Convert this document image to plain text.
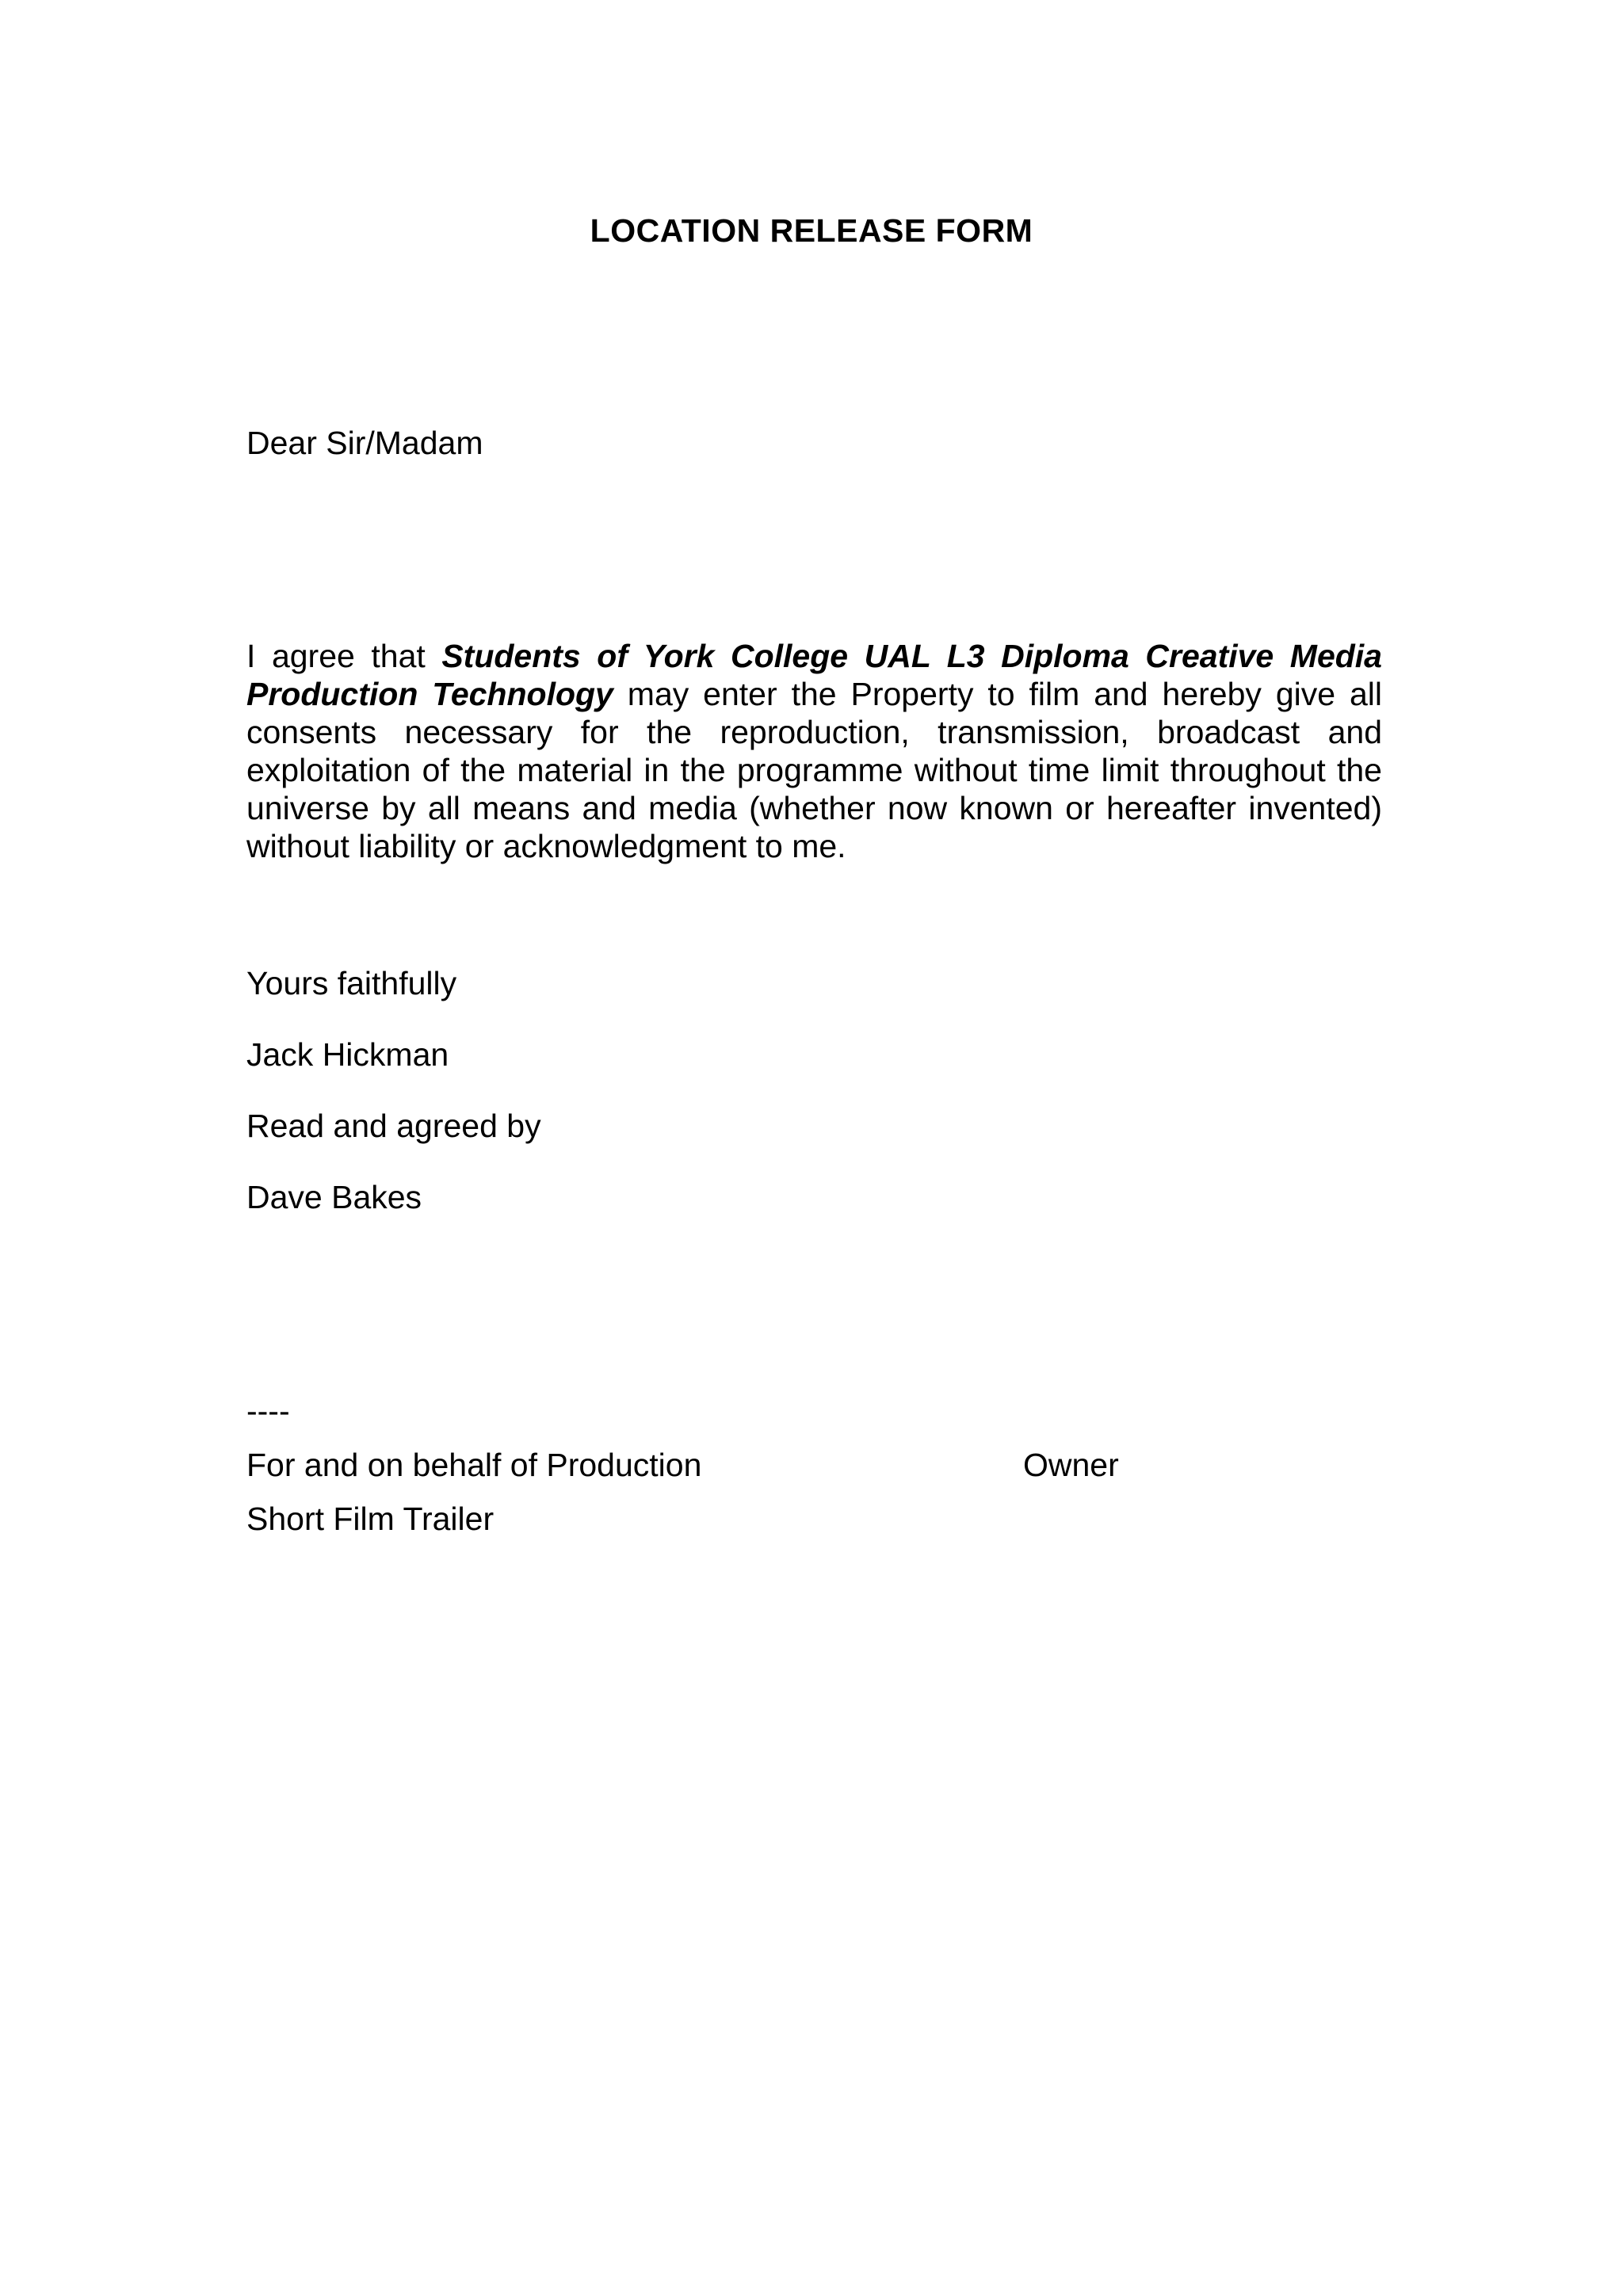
LOCATION RELEASE FORM
Dear Sir/Madam
I agree that Students of York College UAL L3 Diploma Creative Media Production Technology may enter the Property to film and hereby give all consents necessary for the reproduction, transmission, broadcast and exploitation of the material in the programme without time limit throughout the universe by all means and media (whether now known or hereafter invented) without liability or acknowledgment to me.
Yours faithfully
Jack Hickman
Read and agreed by
Dave Bakes
----
For and on behalf of Production	Owner
Short Film Trailer
